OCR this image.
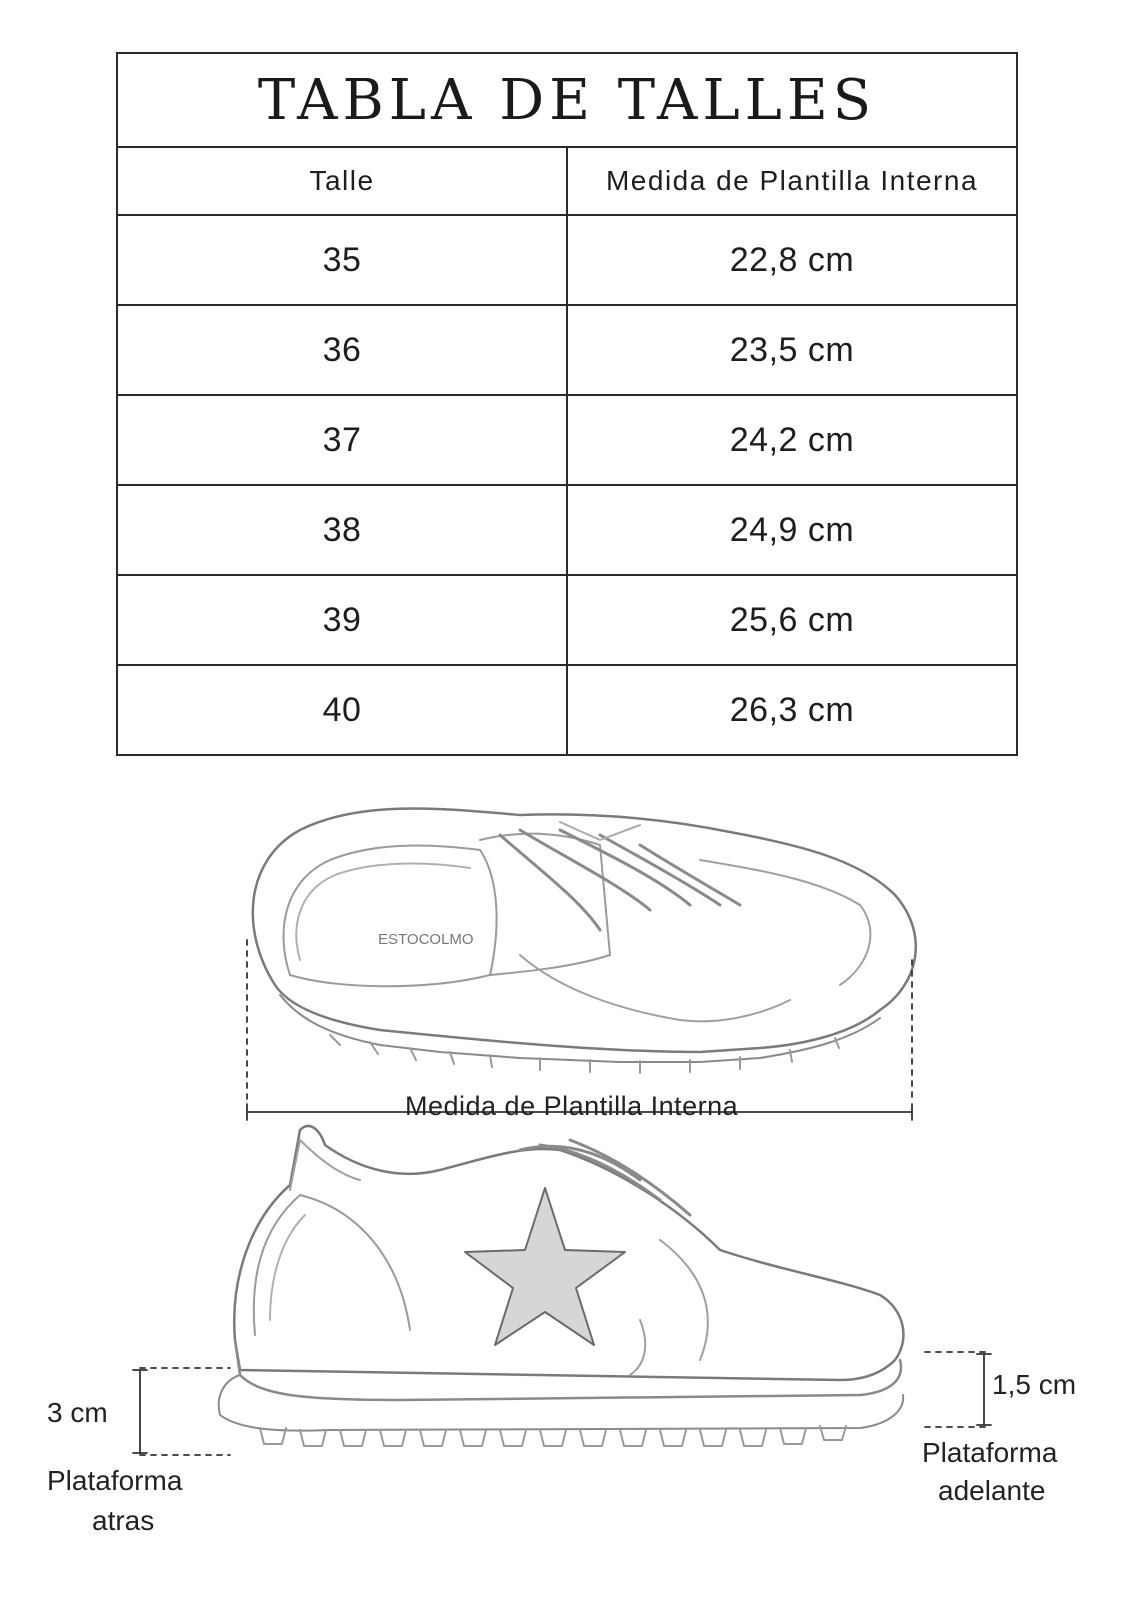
TABLA DE TALLES	
Talle	Medida de Plantilla Interna
35	22,8 cm
36	23,5 cm
37	24,2 cm
38	24,9 cm
39	25,6 cm
40	26,3 cm
ESTOCOLMO
Medida de Plantilla Interna
3 cm
Plataforma
atras
1,5 cm
Plataforma
adelante
